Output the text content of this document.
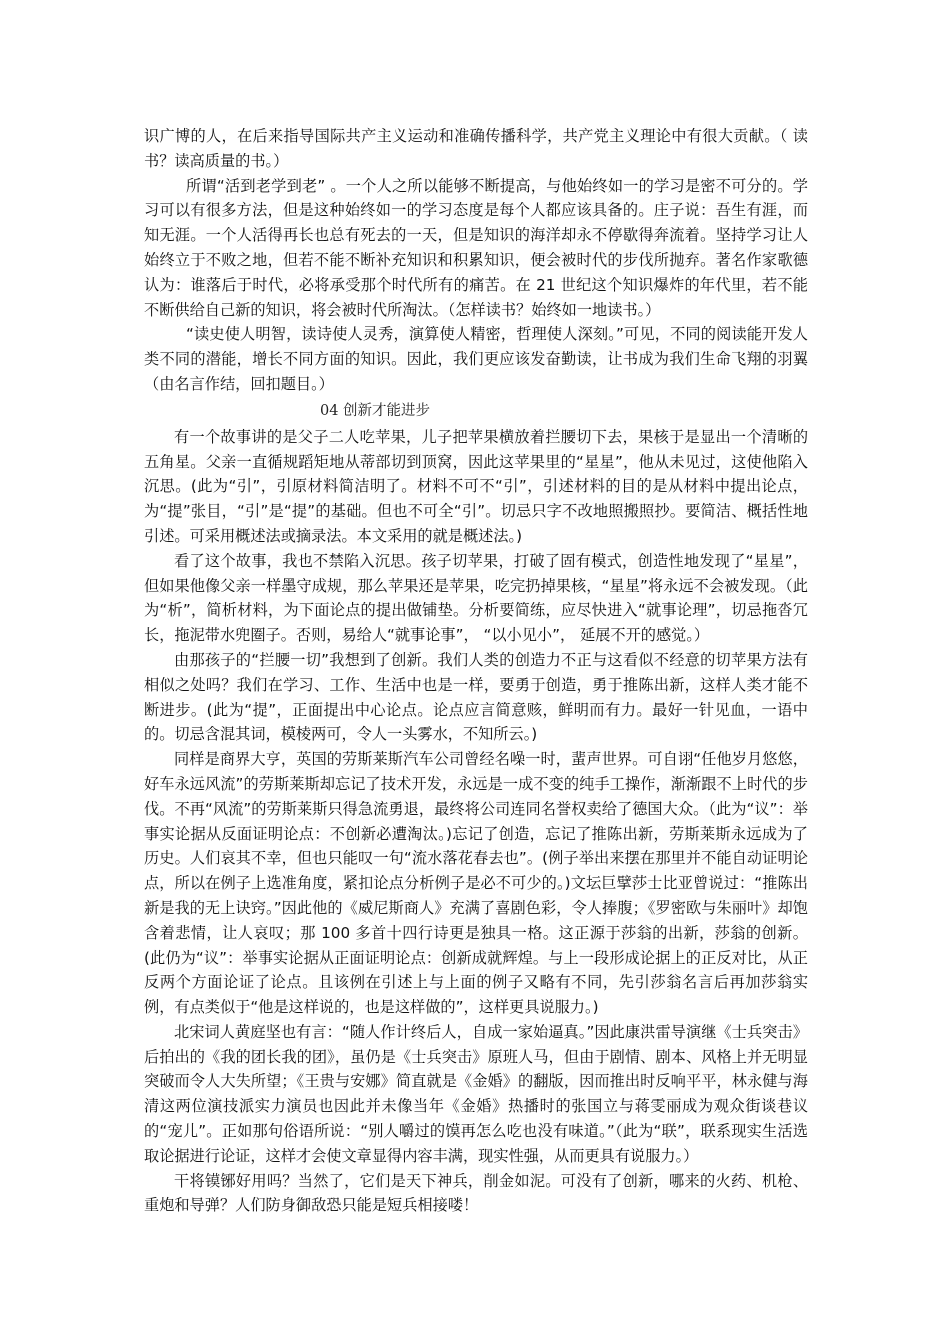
识广博的人，在后来指导国际共产主义运动和准确传播科学，共产党主义理论中有很大贡献。（ 读书？读高质量的书。）

所谓“活到老学到老” 。一个人之所以能够不断提高，与他始终如一的学习是密不可分的。学习可以有很多方法，但是这种始终如一的学习态度是每个人都应该具备的。庄子说：吾生有涯，而知无涯。一个人活得再长也总有死去的一天，但是知识的海洋却永不停歇得奔流着。坚持学习让人始终立于不败之地，但若不能不断补充知识和积累知识，便会被时代的步伐所抛弃。著名作家歌德认为：谁落后于时代，必将承受那个时代所有的痛苦。在 21 世纪这个知识爆炸的年代里，若不能不断供给自己新的知识，将会被时代所淘汰。（怎样读书？始终如一地读书。）

“读史使人明智，读诗使人灵秀，演算使人精密，哲理使人深刻。”可见，不同的阅读能开发人类不同的潜能，增长不同方面的知识。因此，我们更应该发奋勤读，让书成为我们生命飞翔的羽翼（由名言作结，回扣题目。）

04 创新才能进步

有一个故事讲的是父子二人吃苹果，儿子把苹果横放着拦腰切下去，果核于是显出一个清晰的五角星。父亲一直循规蹈矩地从蒂部切到顶窝，因此这苹果里的“星星”，他从未见过，这使他陷入沉思。(此为“引”，引原材料简洁明了。材料不可不“引”，引述材料的目的是从材料中提出论点，为“提”张目，“引”是“提”的基础。但也不可全“引”。切忌只字不改地照搬照抄。要简洁、概括性地引述。可采用概述法或摘录法。本文采用的就是概述法。)

看了这个故事，我也不禁陷入沉思。孩子切苹果，打破了固有模式，创造性地发现了“星星”，但如果他像父亲一样墨守成规，那么苹果还是苹果，吃完扔掉果核，“星星”将永远不会被发现。（此为“析”，简析材料，为下面论点的提出做铺垫。分析要简练，应尽快进入“就事论理”，切忌拖沓冗长，拖泥带水兜圈子。否则，易给人“就事论事”， “以小见小”， 延展不开的感觉。）

由那孩子的“拦腰一切”我想到了创新。我们人类的创造力不正与这看似不经意的切苹果方法有相似之处吗？我们在学习、工作、生活中也是一样，要勇于创造，勇于推陈出新，这样人类才能不断进步。(此为“提”，正面提出中心论点。论点应言简意赅，鲜明而有力。最好一针见血，一语中的。切忌含混其词，模棱两可，令人一头雾水，不知所云。)

同样是商界大亨，英国的劳斯莱斯汽车公司曾经名噪一时，蜚声世界。可自诩“任他岁月悠悠，好车永远风流”的劳斯莱斯却忘记了技术开发，永远是一成不变的纯手工操作，渐渐跟不上时代的步伐。不再“风流”的劳斯莱斯只得急流勇退，最终将公司连同名誉权卖给了德国大众。（此为“议”：举事实论据从反面证明论点：不创新必遭淘汰。)忘记了创造，忘记了推陈出新，劳斯莱斯永远成为了历史。人们哀其不幸，但也只能叹一句“流水落花春去也”。(例子举出来摆在那里并不能自动证明论点，所以在例子上选准角度，紧扣论点分析例子是必不可少的。)文坛巨擘莎士比亚曾说过：“推陈出新是我的无上诀窍。”因此他的《威尼斯商人》充满了喜剧色彩，令人捧腹；《罗密欧与朱丽叶》却饱含着悲情，让人哀叹；那 100 多首十四行诗更是独具一格。这正源于莎翁的出新，莎翁的创新。(此仍为“议”：举事实论据从正面证明论点：创新成就辉煌。与上一段形成论据上的正反对比，从正反两个方面论证了论点。且该例在引述上与上面的例子又略有不同，先引莎翁名言后再加莎翁实例，有点类似于“他是这样说的，也是这样做的”，这样更具说服力。)

北宋词人黄庭坚也有言：“随人作计终后人，自成一家始逼真。”因此康洪雷导演继《士兵突击》后拍出的《我的团长我的团》，虽仍是《士兵突击》原班人马，但由于剧情、剧本、风格上并无明显突破而令人大失所望；《王贵与安娜》简直就是《金婚》的翻版，因而推出时反响平平，林永健与海清这两位演技派实力演员也因此并未像当年《金婚》热播时的张国立与蒋雯丽成为观众街谈巷议的“宠儿”。正如那句俗语所说：“别人嚼过的馍再怎么吃也没有味道。”（此为“联”，联系现实生活选取论据进行论证，这样才会使文章显得内容丰满，现实性强，从而更具有说服力。）

干将镆铘好用吗？当然了，它们是天下神兵，削金如泥。可没有了创新，哪来的火药、机枪、重炮和导弹？人们防身御敌恐只能是短兵相接喽！
